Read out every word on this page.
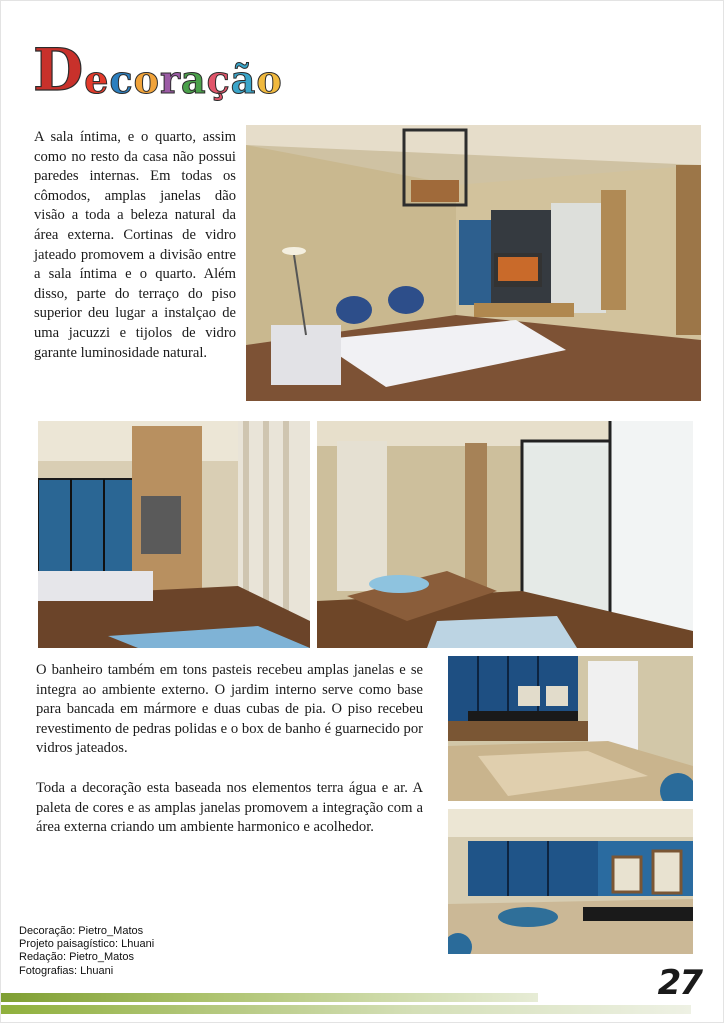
D e c o r a ç ã o

A sala íntima, e o quarto, assim como no resto da casa não possui paredes internas. Em todas os cômodos, amplas janelas dão visão a toda a beleza natural da área externa. Cortinas de vidro jateado promovem a divisão entre a sala íntima e o quarto. Além disso, parte do terraço do piso superior deu lugar a instalçao de uma jacuzzi e tijolos de vidro garante luminosidade natural.

O banheiro também em tons pasteis recebeu amplas janelas e se integra ao ambiente externo. O jardim interno serve como base para bancada em mármore e duas cubas de pia. O piso recebeu revestimento de pedras polidas e o box de banho é guarnecido por vidros jateados.

Toda a decoração esta baseada nos elementos terra água e ar. A paleta de cores e as amplas janelas promovem a integração com a área externa criando um ambiente harmonico e acolhedor.

Decoração: Pietro_Matos
Projeto paisagístico: Lhuani
Redação: Pietro_Matos
Fotografias: Lhuani	27
